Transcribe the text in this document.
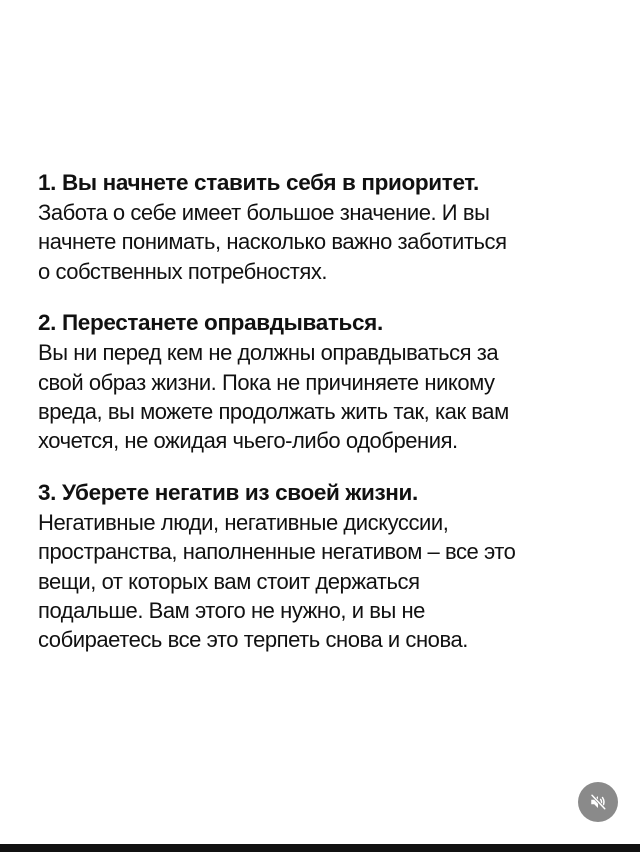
1. Вы начнете ставить себя в приоритет.

Забота о себе имеет большое значение. И вы

начнете понимать, насколько важно заботиться

о собственных потребностях.

2. Перестанете оправдываться.

Вы ни перед кем не должны оправдываться за

свой образ жизни. Пока не причиняете никому

вреда, вы можете продолжать жить так, как вам

хочется, не ожидая чьего-либо одобрения.

3. Уберете негатив из своей жизни.

Негативные люди, негативные дискуссии,

пространства, наполненные негативом – все это

вещи, от которых вам стоит держаться

подальше. Вам этого не нужно, и вы не

собираетесь все это терпеть снова и снова.
